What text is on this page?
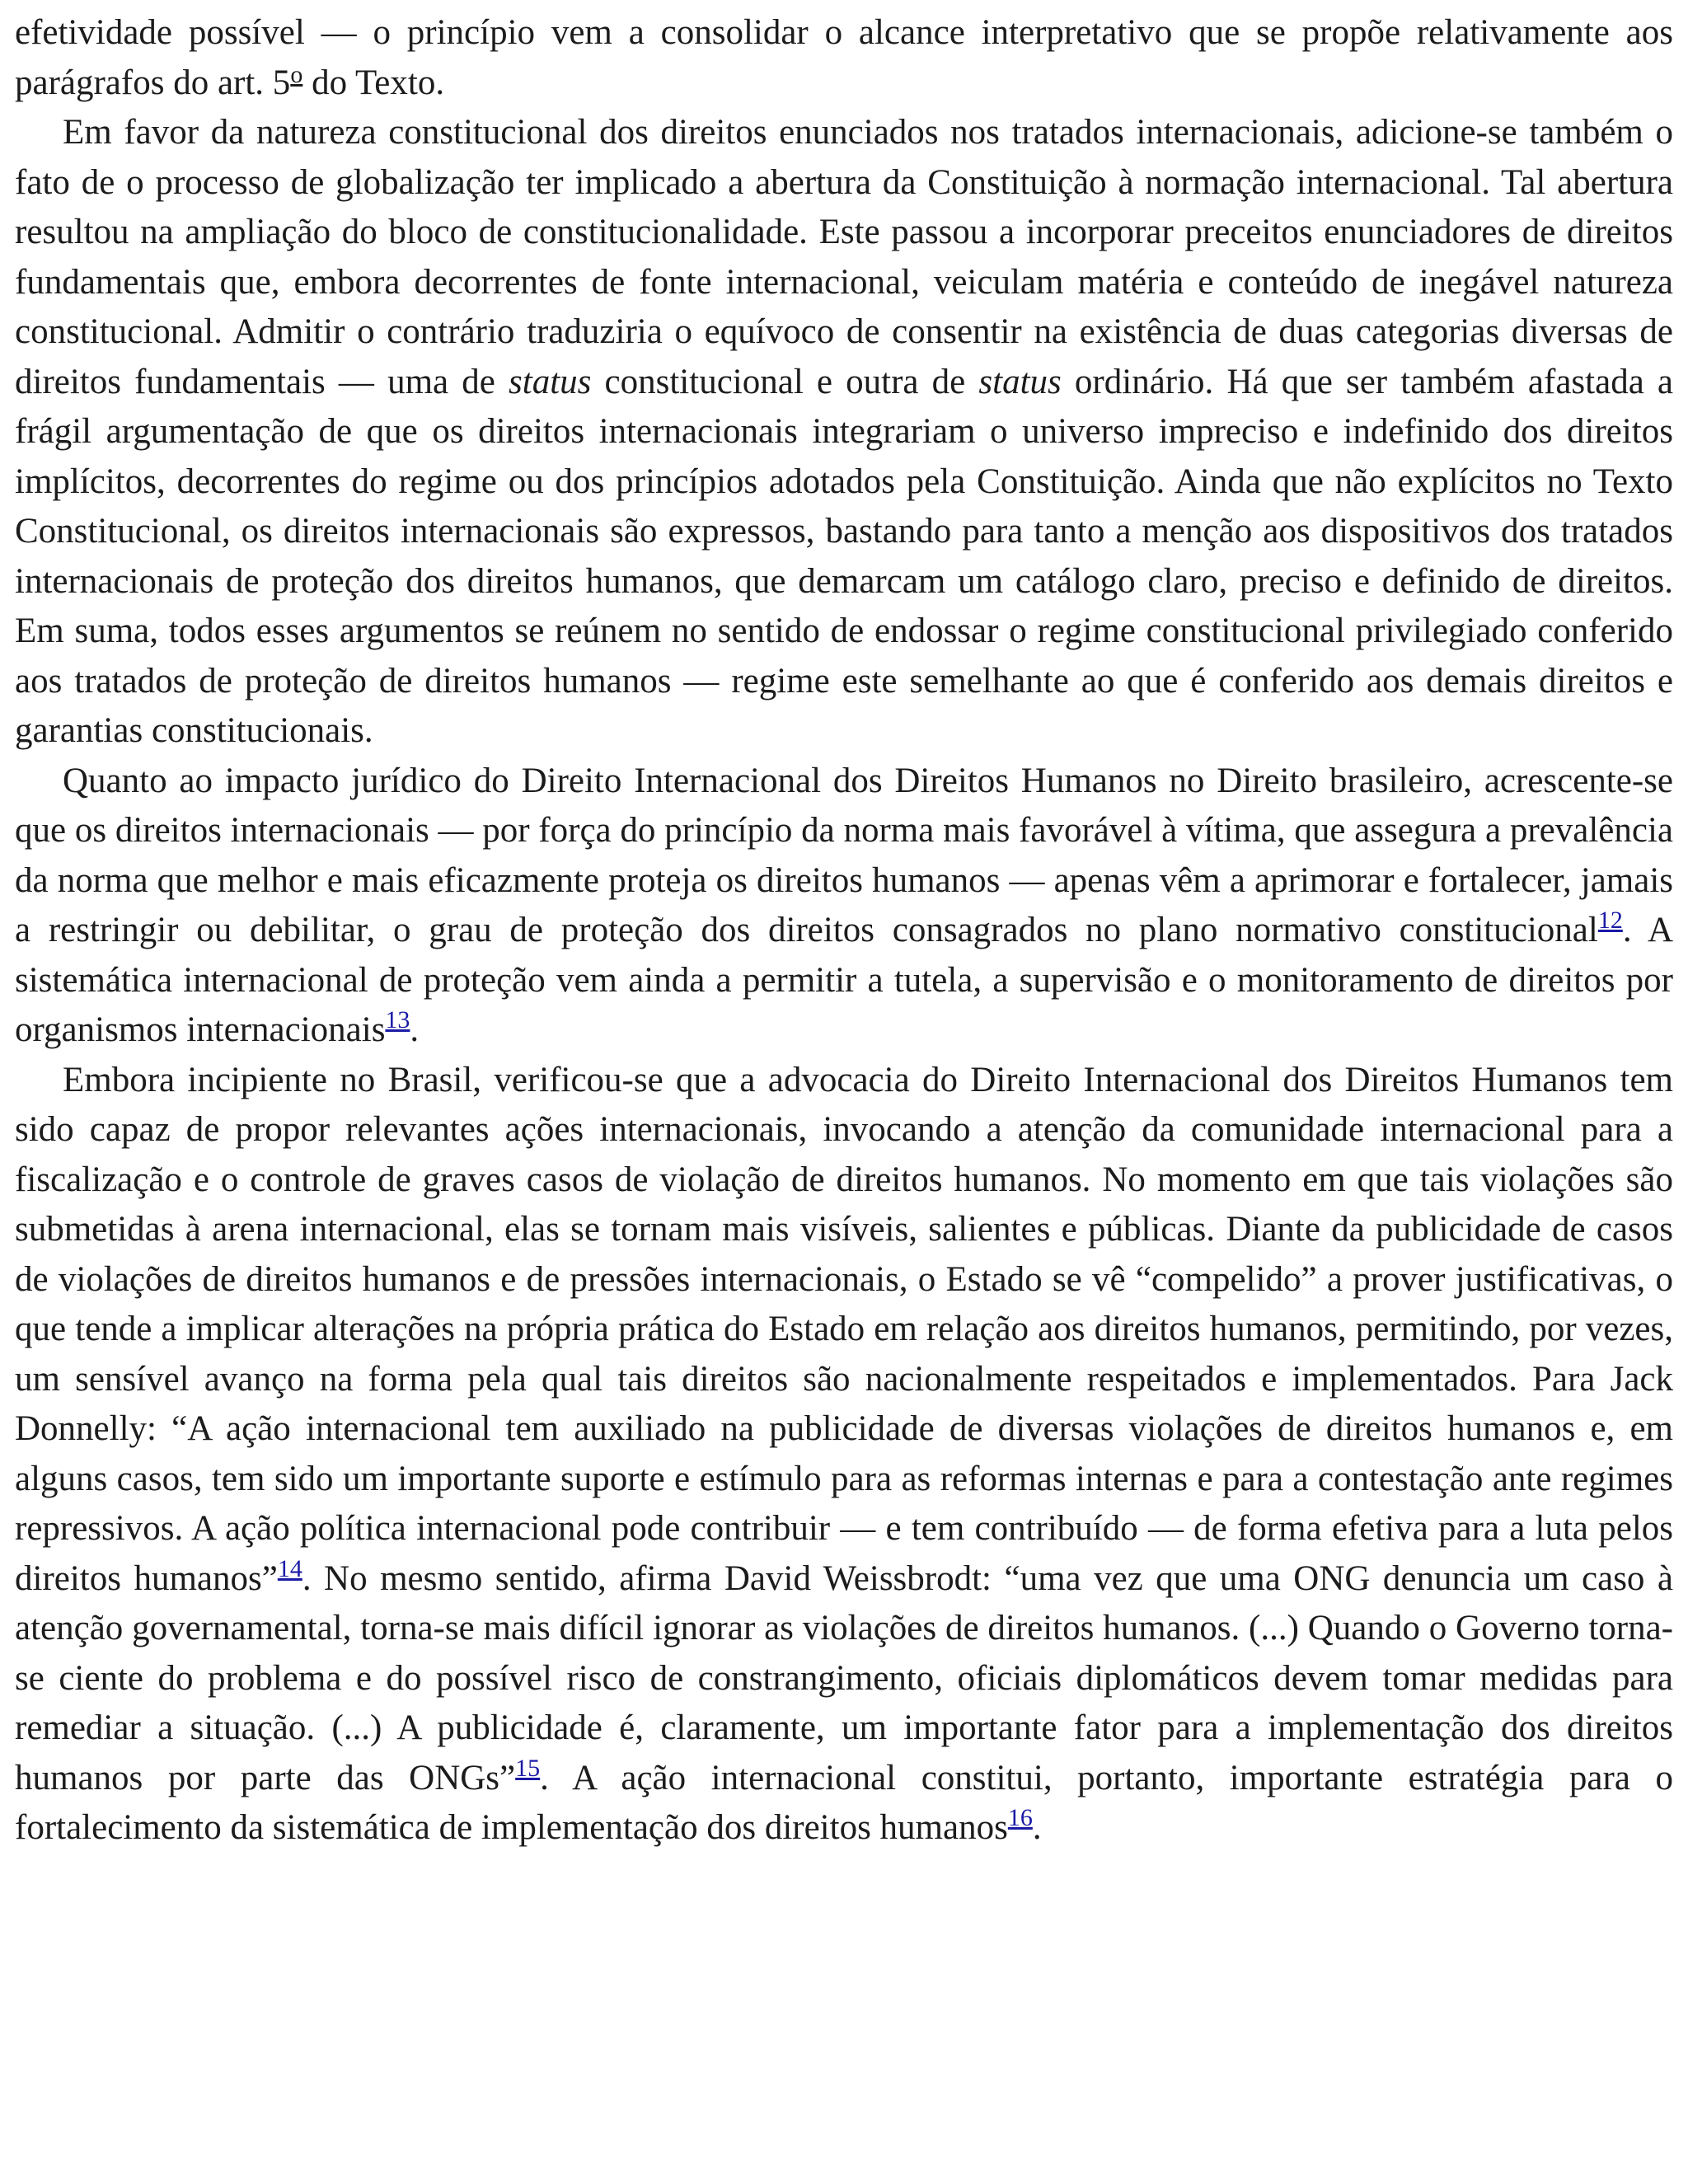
efetividade possível — o princípio vem a consolidar o alcance interpretativo que se propõe relativamente aos parágrafos do art. 5$^o$ do Texto.

Em favor da natureza constitucional dos direitos enunciados nos tratados internacionais, adicione-se também o fato de o processo de globalização ter implicado a abertura da Constituição à normação internacional. Tal abertura resultou na ampliação do bloco de constitucionalidade. Este passou a incorporar preceitos enunciadores de direitos fundamentais que, embora decorrentes de fonte internacional, veiculam matéria e conteúdo de inegável natureza constitucional. Admitir o contrário traduziria o equívoco de consentir na existência de duas categorias diversas de direitos fundamentais — uma de status constitucional e outra de status ordinário. Há que ser também afastada a frágil argumentação de que os direitos internacionais integrariam o universo impreciso e indefinido dos direitos implícitos, decorrentes do regime ou dos princípios adotados pela Constituição. Ainda que não explícitos no Texto Constitucional, os direitos internacionais são expressos, bastando para tanto a menção aos dispositivos dos tratados internacionais de proteção dos direitos humanos, que demarcam um catálogo claro, preciso e definido de direitos. Em suma, todos esses argumentos se reúnem no sentido de endossar o regime constitucional privilegiado conferido aos tratados de proteção de direitos humanos — regime este semelhante ao que é conferido aos demais direitos e garantias constitucionais.

Quanto ao impacto jurídico do Direito Internacional dos Direitos Humanos no Direito brasileiro, acrescente-se que os direitos internacionais — por força do princípio da norma mais favorável à vítima, que assegura a prevalência da norma que melhor e mais eficazmente proteja os direitos humanos — apenas vêm a aprimorar e fortalecer, jamais a restringir ou debilitar, o grau de proteção dos direitos consagrados no plano normativo constitucional$^{12}$. A sistemática internacional de proteção vem ainda a permitir a tutela, a supervisão e o monitoramento de direitos por organismos internacionais$^{13}$.

Embora incipiente no Brasil, verificou-se que a advocacia do Direito Internacional dos Direitos Humanos tem sido capaz de propor relevantes ações internacionais, invocando a atenção da comunidade internacional para a fiscalização e o controle de graves casos de violação de direitos humanos. No momento em que tais violações são submetidas à arena internacional, elas se tornam mais visíveis, salientes e públicas. Diante da publicidade de casos de violações de direitos humanos e de pressões internacionais, o Estado se vê “compelido” a prover justificativas, o que tende a implicar alterações na própria prática do Estado em relação aos direitos humanos, permitindo, por vezes, um sensível avanço na forma pela qual tais direitos são nacionalmente respeitados e implementados. Para Jack Donnelly: “A ação internacional tem auxiliado na publicidade de diversas violações de direitos humanos e, em alguns casos, tem sido um importante suporte e estímulo para as reformas internas e para a contestação ante regimes repressivos. A ação política internacional pode contribuir — e tem contribuído — de forma efetiva para a luta pelos direitos humanos”$^{14}$. No mesmo sentido, afirma David Weissbrodt: “uma vez que uma ONG denuncia um caso à atenção governamental, torna-se mais difícil ignorar as violações de direitos humanos. (...) Quando o Governo torna-se ciente do problema e do possível risco de constrangimento, oficiais diplomáticos devem tomar medidas para remediar a situação. (...) A publicidade é, claramente, um importante fator para a implementação dos direitos humanos por parte das ONGs”$^{15}$. A ação internacional constitui, portanto, importante estratégia para o fortalecimento da sistemática de implementação dos direitos humanos$^{16}$.
